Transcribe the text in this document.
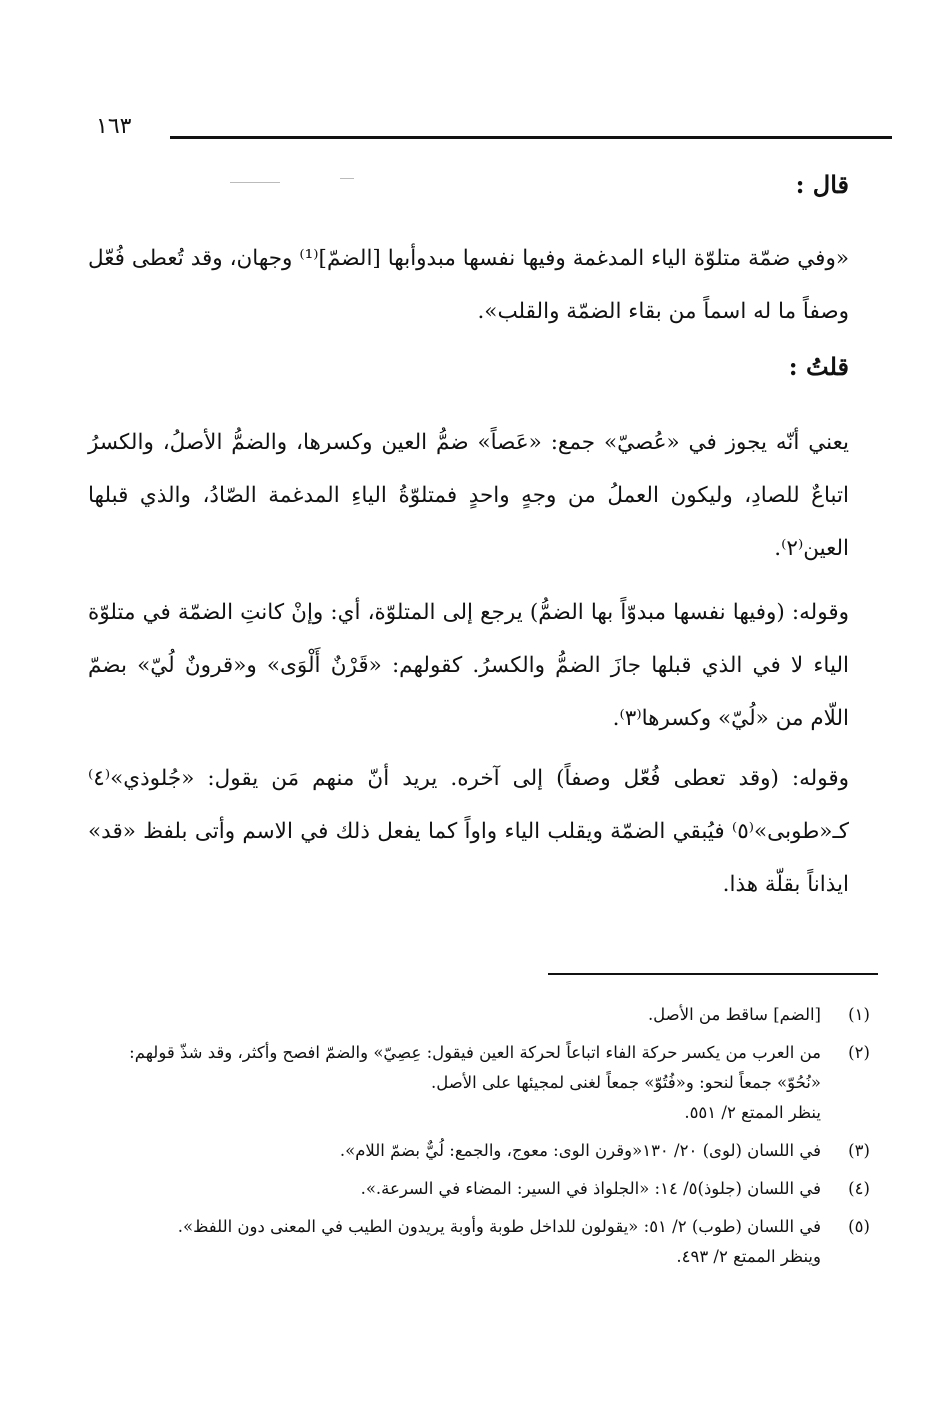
١٦٣
قال :
«وفي ضمّة متلوّة الياء المدغمة وفيها نفسها مبدوأبها [الضمّ]⁽¹⁾ وجهان، وقد تُعطى فُعّل وصفاً ما له اسماً من بقاء الضمّة والقلب».
قلتُ :
يعني أنّه يجوز في «عُصيّ» جمع: «عَصاً» ضمُّ العين وكسرها، والضمُّ الأصلُ، والكسرُ اتباعٌ للصادِ، وليكون العملُ من وجهٍ واحدٍ فمتلوّةُ الياءِ المدغمة الصّادُ، والذي قبلها العين⁽٢⁾.
وقوله: (وفيها نفسها مبدوّاً بها الضمُّ) يرجع إلى المتلوّة، أي: وإنْ كانتِ الضمّة في متلوّة الياء لا في الذي قبلها جازَ الضمُّ والكسرُ. كقولهم: «قَرْنٌ أَلْوَى» و«قرونٌ لُيّ» بضمّ اللّام من «لُيّ» وكسرها⁽٣⁾.
وقوله: (وقد تعطى فُعّل وصفاً) إلى آخره. يريد أنّ منهم مَن يقول: «جُلوذي»⁽٤⁾ كـ«طوبى»⁽٥⁾ فيُبقي الضمّة ويقلب الياء واواً كما يفعل ذلك في الاسم وأتى بلفظ «قد» ايذاناً بقلّة هذا.
(١)
[الضم] ساقط من الأصل.
(٢)
من العرب من يكسر حركة الفاء اتباعاً لحركة العين فيقول: عِصِيّ» والضمّ افصح وأكثر، وقد شذّ قولهم: «نُحُوّ» جمعاً لنحو: و«فُتُوّ» جمعاً لغنى لمجيئها على الأصل.
ينظر الممتع ٢/ ٥٥١.
(٣)
في اللسان (لوى) ٢٠/ ١٣٠«وقرن الوى: معوج، والجمع: لُيٌّ بضمّ اللام».
(٤)
في اللسان (جلوذ)٥/ ١٤: «الجلواذ في السير: المضاء في السرعة.».
(٥)
في اللسان (طوب) ٢/ ٥١: «يقولون للداخل طوبة وأوبة يريدون الطيب في المعنى دون اللفظ».
وينظر الممتع ٢/ ٤٩٣.
